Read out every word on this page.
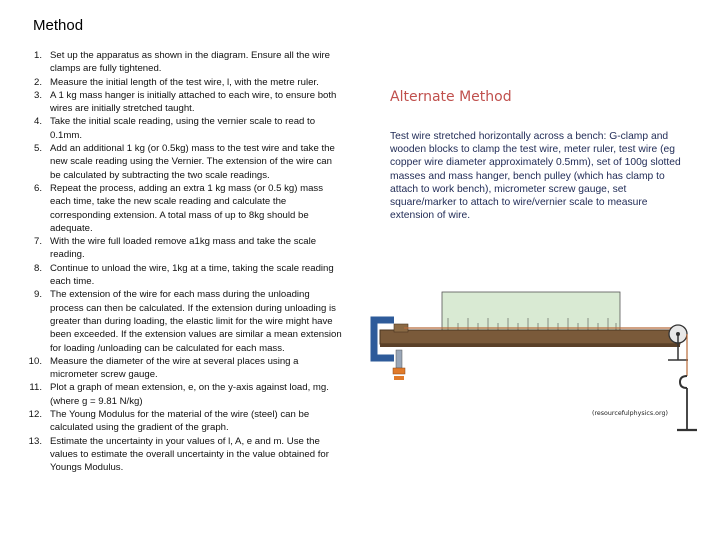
Method
1. Set up the apparatus as shown in the diagram. Ensure all the wire clamps are fully tightened.
2. Measure the initial length of the test wire, l, with the metre ruler.
3. A 1 kg mass hanger is initially attached to each wire, to ensure both wires are initially stretched taught.
4. Take the initial scale reading, using the vernier scale to read to 0.1mm.
5. Add an additional 1 kg (or 0.5kg) mass to the test wire and take the new scale reading using the Vernier. The extension of the wire can be calculated by subtracting the two scale readings.
6. Repeat the process, adding an extra 1 kg mass (or 0.5 kg) mass each time, take the new scale reading and calculate the corresponding extension. A total mass of up to 8kg should be adequate.
7. With the wire full loaded remove a1kg mass and take the scale reading.
8. Continue to unload the wire, 1kg at a time, taking the scale reading each time.
9. The extension of the wire for each mass during the unloading process can then be calculated. If the extension during unloading is greater than during loading, the elastic limit for the wire might have been exceeded. If the extension values are similar a mean extension for loading /unloading can be calculated for each mass.
10. Measure the diameter of the wire at several places using a micrometer screw gauge.
11. Plot a graph of mean extension, e, on the y-axis against load, mg. (where g = 9.81 N/kg)
12. The Young Modulus for the material of the wire (steel) can be calculated using the gradient of the graph.
13. Estimate the uncertainty in your values of l, A, e and m. Use the values to estimate the overall uncertainty in the value obtained for Youngs Modulus.
Alternate Method
Test wire stretched horizontally across a bench: G-clamp and wooden blocks to clamp the test wire, meter ruler, test wire (eg copper wire diameter approximately 0.5mm), set of 100g slotted masses and mass hanger, bench pulley (which has clamp to attach to work bench), micrometer screw gauge, set square/marker to attach to wire/vernier scale to measure extension of wire.
(resourcefulphysics.org)
